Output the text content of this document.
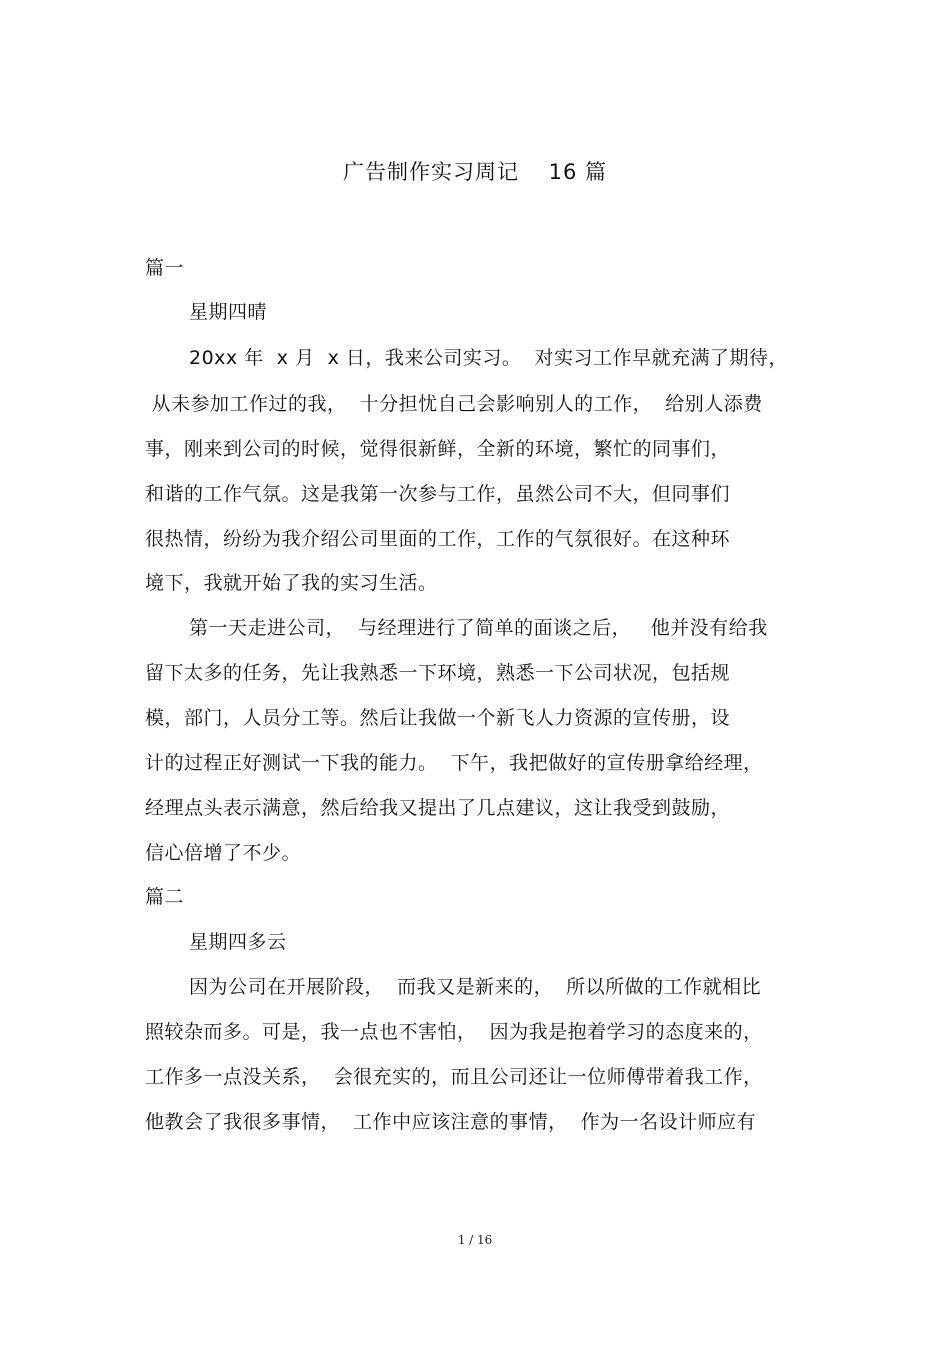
广告制作实习周记　 16 篇
篇一
星期四晴
20xx 年  x 月  x 日，我来公司实习。  对实习工作早就充满了期待，
从未参加工作过的我，  十分担忧自己会影响别人的工作，  给别人添费
事，刚来到公司的时候，觉得很新鲜，全新的环境，繁忙的同事们，
和谐的工作气氛。这是我第一次参与工作，虽然公司不大，但同事们
很热情，纷纷为我介绍公司里面的工作，工作的气氛很好。在这种环
境下，我就开始了我的实习生活。
第一天走进公司，  与经理进行了简单的面谈之后，   他并没有给我
留下太多的任务，先让我熟悉一下环境，熟悉一下公司状况，包括规
模，部门，人员分工等。然后让我做一个新飞人力资源的宣传册，设
计的过程正好测试一下我的能力。  下午，我把做好的宣传册拿给经理，
经理点头表示满意，然后给我又提出了几点建议，这让我受到鼓励，
信心倍增了不少。
篇二
星期四多云
因为公司在开展阶段，  而我又是新来的，  所以所做的工作就相比
照较杂而多。可是，我一点也不害怕，  因为我是抱着学习的态度来的，
工作多一点没关系，  会很充实的，而且公司还让一位师傅带着我工作，
他教会了我很多事情，  工作中应该注意的事情，  作为一名设计师应有
1 / 16
